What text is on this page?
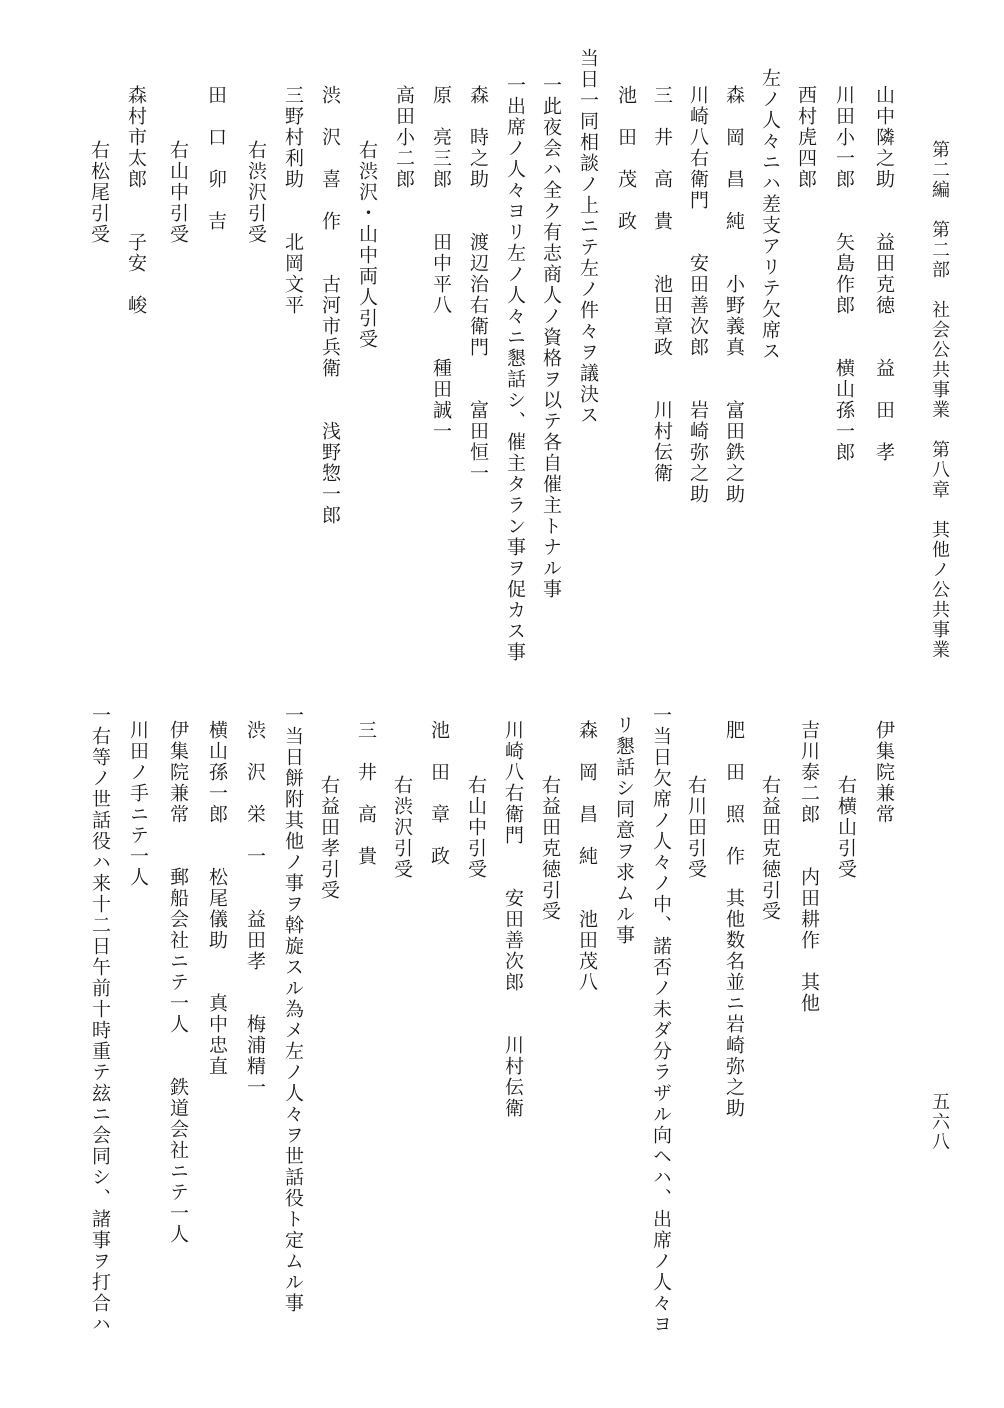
第二編　第二部　社会公共事業　第八章　其他ノ公共事業
五六八
山中隣之助　　益田克徳　　益　田　孝
川田小一郎　　矢島作郎　　横山孫一郎
西村虎四郎
左ノ人々ニハ差支アリテ欠席ス
森　岡　昌　純　　小野義真　　富田鉄之助
川崎八右衛門　　安田善次郎　　岩崎弥之助
三　井　高　貴　　池田章政　　川村伝衛
池　田　茂　政
当日一同相談ノ上ニテ左ノ件々ヲ議決ス
一此夜会ハ全ク有志商人ノ資格ヲ以テ各自催主トナル事
一出席ノ人々ヨリ左ノ人々ニ懇話シ、催主タラン事ヲ促カス事
森　時之助　　渡辺治右衛門　　富田恒一
原　亮三郎　　田中平八　　種田誠一
高田小二郎
右渋沢・山中両人引受
渋　沢　喜　作　　古河市兵衛　　浅野惣一郎
三野村利助　　北岡文平
右渋沢引受
田　口　卯　吉
右山中引受
森村市太郎　　子安　峻
右松尾引受
伊集院兼常
右横山引受
吉川泰二郎　　内田耕作　其他
右益田克徳引受
肥　田　照　作　其他数名並ニ岩崎弥之助
右川田引受
一当日欠席ノ人々ノ中、諾否ノ未ダ分ラザル向ヘハ、出席ノ人々ヨ
リ懇話シ同意ヲ求ムル事
森　岡　昌　純　　池田茂八
右益田克徳引受
川崎八右衛門　　安田善次郎　　川村伝衛
右山中引受
池　田　章　政
右渋沢引受
三　井　高　貴
右益田孝引受
一当日餅附其他ノ事ヲ斡旋スル為メ左ノ人々ヲ世話役ト定ムル事
渋　沢　栄　一　　益田孝　　梅浦精一
横山孫一郎　　松尾儀助　　真中忠直
伊集院兼常　　郵船会社ニテ一人　　鉄道会社ニテ一人
川田ノ手ニテ一人
一右等ノ世話役ハ来十二日午前十時重テ玆ニ会同シ、諸事ヲ打合ハ
